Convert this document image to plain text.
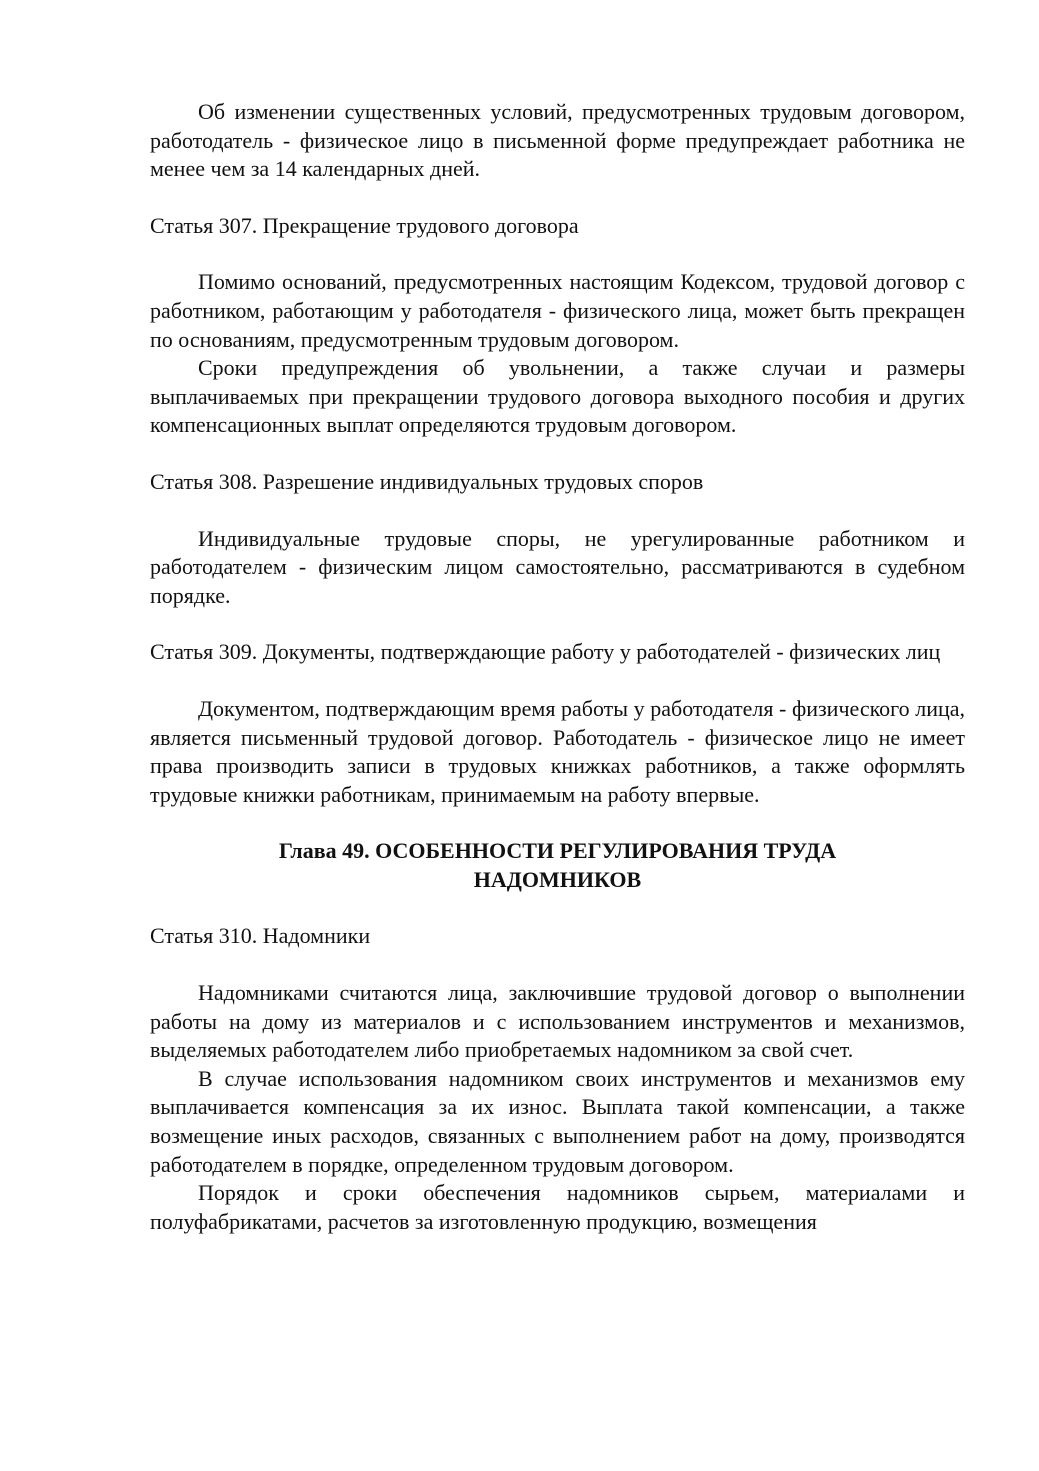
Об изменении существенных условий, предусмотренных трудовым договором, работодатель - физическое лицо в письменной форме предупреждает работника не менее чем за 14 календарных дней.

Статья 307. Прекращение трудового договора

Помимо оснований, предусмотренных настоящим Кодексом, трудовой договор с работником, работающим у работодателя - физического лица, может быть прекращен по основаниям, предусмотренным трудовым договором.

Сроки предупреждения об увольнении, а также случаи и размеры выплачиваемых при прекращении трудового договора выходного пособия и других компенсационных выплат определяются трудовым договором.

Статья 308. Разрешение индивидуальных трудовых споров

Индивидуальные трудовые споры, не урегулированные работником и работодателем - физическим лицом самостоятельно, рассматриваются в судебном порядке.

Статья 309. Документы, подтверждающие работу у работодателей - физических лиц

Документом, подтверждающим время работы у работодателя - физического лица, является письменный трудовой договор. Работодатель - физическое лицо не имеет права производить записи в трудовых книжках работников, а также оформлять трудовые книжки работникам, принимаемым на работу впервые.

Глава 49. ОСОБЕННОСТИ РЕГУЛИРОВАНИЯ ТРУДА

НАДОМНИКОВ

Статья 310. Надомники

Надомниками считаются лица, заключившие трудовой договор о выполнении работы на дому из материалов и с использованием инструментов и механизмов, выделяемых работодателем либо приобретаемых надомником за свой счет.

В случае использования надомником своих инструментов и механизмов ему выплачивается компенсация за их износ. Выплата такой компенсации, а также возмещение иных расходов, связанных с выполнением работ на дому, производятся работодателем в порядке, определенном трудовым договором.

Порядок и сроки обеспечения надомников сырьем, материалами и полуфабрикатами, расчетов за изготовленную продукцию, возмещения
